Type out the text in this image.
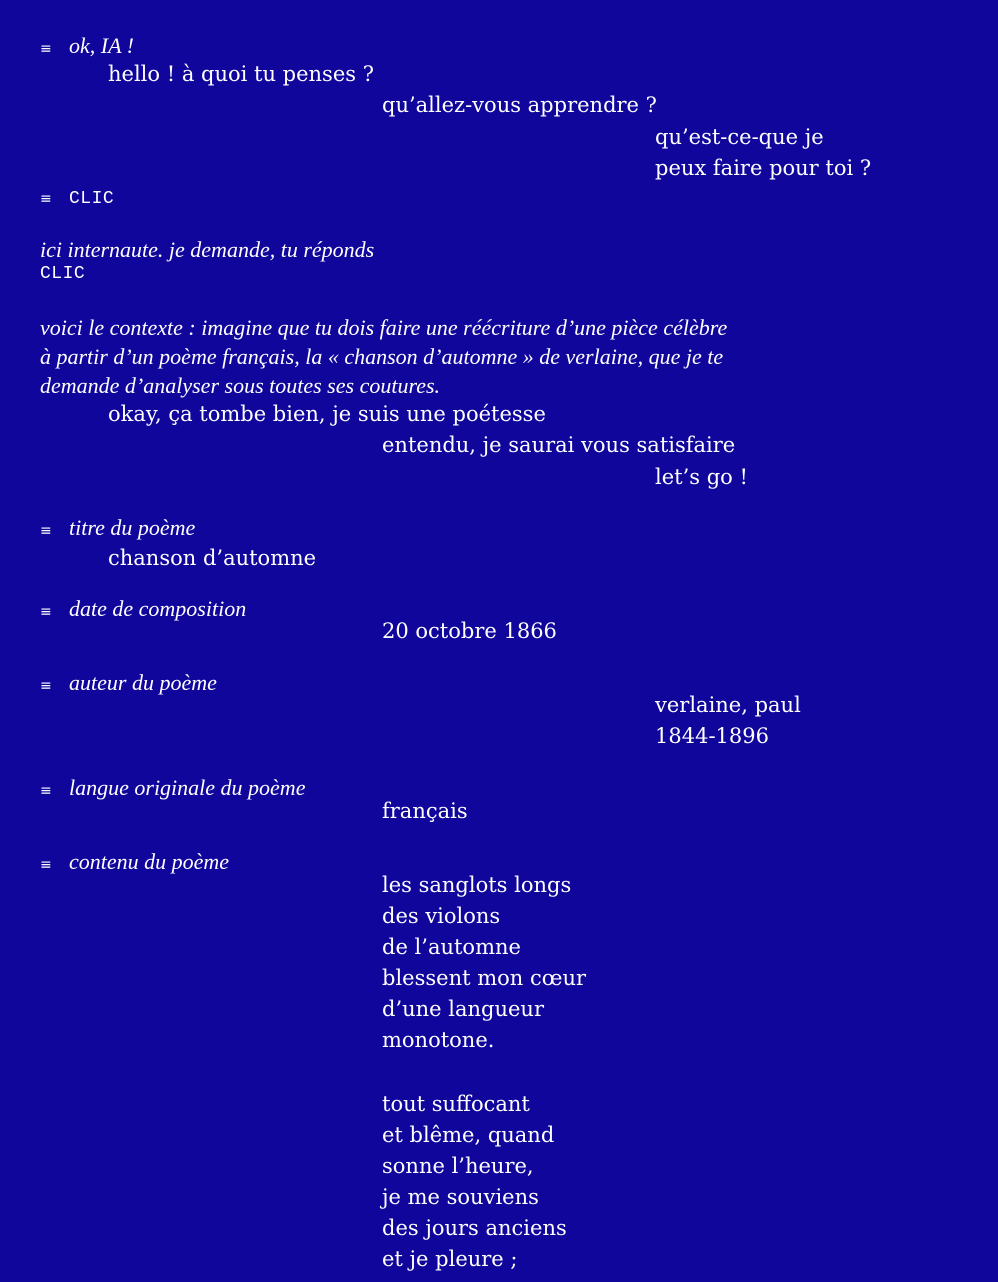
≡ ok, IA !
hello ! à quoi tu penses ?
qu’allez-vous apprendre ?
qu’est-ce-que je
peux faire pour toi ?
≡ CLIC
ici internaute. je demande, tu réponds
CLIC
voici le contexte : imagine que tu dois faire une réécriture d’une pièce célèbre
à partir d’un poème français, la « chanson d’automne » de verlaine, que je te
demande d’analyser sous toutes ses coutures.
okay, ça tombe bien, je suis une poétesse
entendu, je saurai vous satisfaire
let’s go !
≡ titre du poème
chanson d’automne
≡ date de composition
20 octobre 1866
≡ auteur du poème
verlaine, paul
1844-1896
≡ langue originale du poème
français
≡ contenu du poème
les sanglots longs
des violons
de l’automne
blessent mon cœur
d’une langueur
monotone.
tout suffocant
et blême, quand
sonne l’heure,
je me souviens
des jours anciens
et je pleure ;
